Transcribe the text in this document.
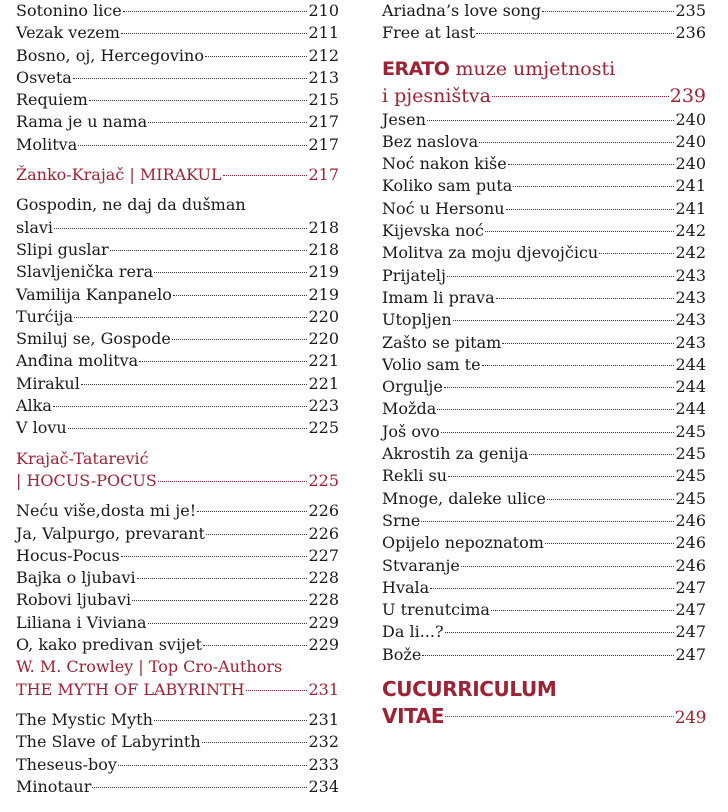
Sotonino lice	210
Vezak vezem	211
Bosno, oj, Hercegovino	212
Osveta	213
Requiem	215
Rama je u nama	217
Molitva	217
Žanko-Krajač | MIRAKUL	217
Gospodin, ne daj da dušman
slavi	218
Slipi guslar	218
Slavljenička rera	219
Vamilija Kanpanelo	219
Turćija	220
Smiluj se, Gospode	220
Anđina molitva	221
Mirakul	221
Alka	223
V lovu	225
Krajač-Tatarević
| HOCUS-POCUS	225
Neću više,dosta mi je!	226
Ja, Valpurgo, prevarant	226
Hocus-Pocus	227
Bajka o ljubavi	228
Robovi ljubavi	228
Liliana i Viviana	229
O, kako predivan svijet	229
W. M. Crowley | Top Cro-Authors
THE MYTH OF LABYRINTH	231
The Mystic Myth	231
The Slave of Labyrinth	232
Theseus-boy	233
Minotaur	234
Ariadna’s love song	235
Free at last	236
ERATO muze umjetnosti
i pjesništva	239
Jesen	240
Bez naslova	240
Noć nakon kiše	240
Koliko sam puta	241
Noć u Hersonu	241
Kijevska noć	242
Molitva za moju djevojčicu	242
Prijatelj	243
Imam li prava	243
Utopljen	243
Zašto se pitam	243
Volio sam te	244
Orgulje	244
Možda	244
Još ovo	245
Akrostih za genija	245
Rekli su	245
Mnoge, daleke ulice	245
Srne	246
Opijelo nepoznatom	246
Stvaranje	246
Hvala	247
U trenutcima	247
Da li...?	247
Bože	247
CUCURRICULUM
VITAE	249
